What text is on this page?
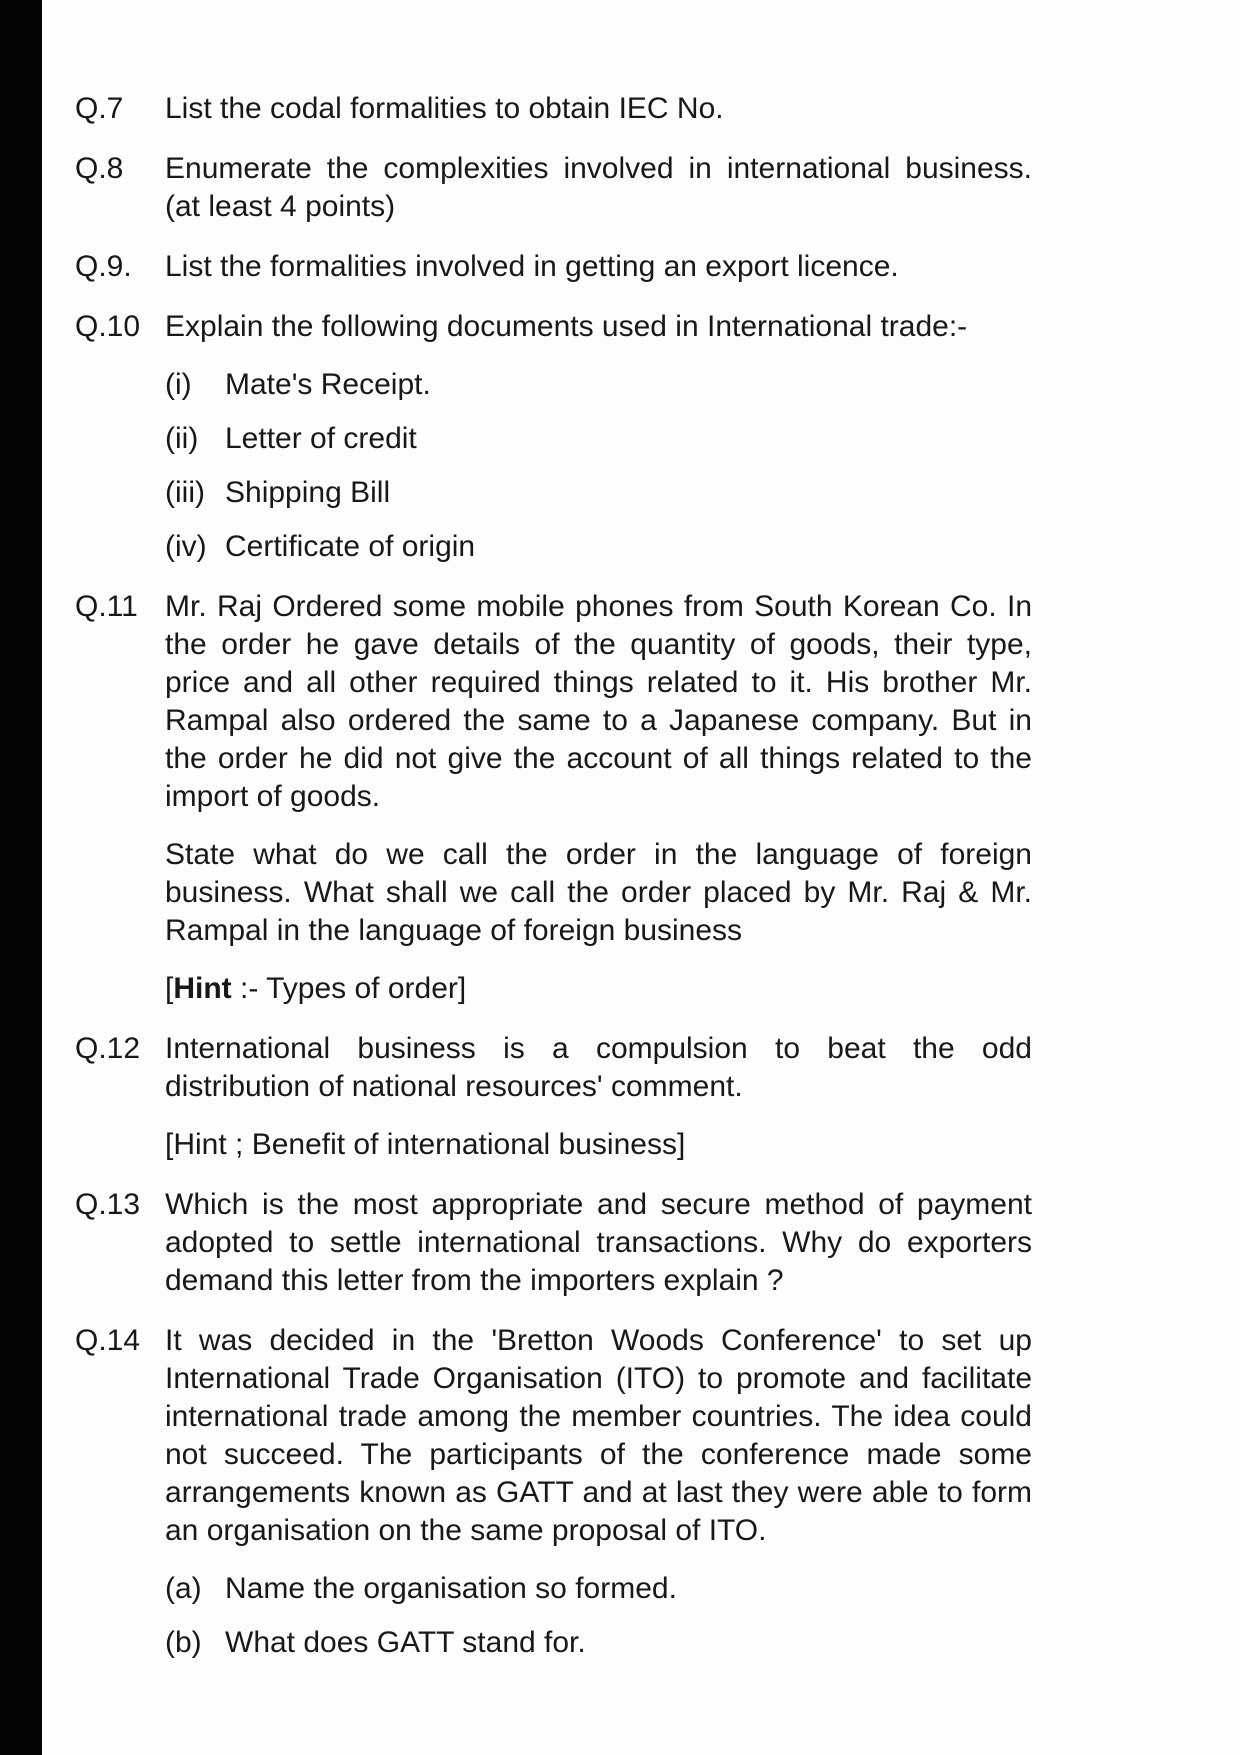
Q.7	List the codal formalities to obtain IEC No.
Q.8	Enumerate the complexities involved in international business. (at least 4 points)
Q.9.	List the formalities involved in getting an export licence.
Q.10 Explain the following documents used in International trade:-
(i)	Mate's Receipt.
(ii) Letter of credit
(iii) Shipping Bill
(iv) Certificate of origin
Q.11 Mr. Raj Ordered some mobile phones from South Korean Co. In the order he gave details of the quantity of goods, their type, price and all other required things related to it. His brother Mr. Rampal also ordered the same to a Japanese company. But in the order he did not give the account of all things related to the import of goods.
State what do we call the order in the language of foreign business. What shall we call the order placed by Mr. Raj & Mr. Rampal in the language of foreign business
[Hint :- Types of order]
Q.12 International business is a compulsion to beat the odd distribution of national resources' comment.
[Hint ; Benefit of international business]
Q.13 Which is the most appropriate and secure method of payment adopted to settle international transactions. Why do exporters demand this letter from the importers explain ?
Q.14 It was decided in the 'Bretton Woods Conference' to set up International Trade Organisation (ITO) to promote and facilitate international trade among the member countries. The idea could not succeed. The participants of the conference made some arrangements known as GATT and at last they were able to form an organisation on the same proposal of ITO.
(a) Name the organisation so formed.
(b) What does GATT stand for.
